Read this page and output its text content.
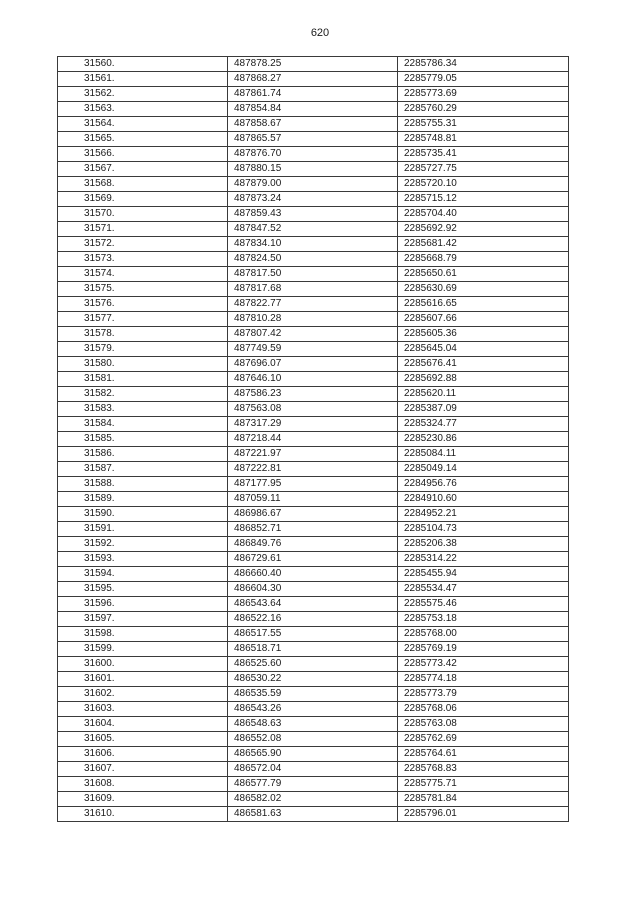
620
31560.	487878.25	2285786.34
31561.	487868.27	2285779.05
31562.	487861.74	2285773.69
31563.	487854.84	2285760.29
31564.	487858.67	2285755.31
31565.	487865.57	2285748.81
31566.	487876.70	2285735.41
31567.	487880.15	2285727.75
31568.	487879.00	2285720.10
31569.	487873.24	2285715.12
31570.	487859.43	2285704.40
31571.	487847.52	2285692.92
31572.	487834.10	2285681.42
31573.	487824.50	2285668.79
31574.	487817.50	2285650.61
31575.	487817.68	2285630.69
31576.	487822.77	2285616.65
31577.	487810.28	2285607.66
31578.	487807.42	2285605.36
31579.	487749.59	2285645.04
31580.	487696.07	2285676.41
31581.	487646.10	2285692.88
31582.	487586.23	2285620.11
31583.	487563.08	2285387.09
31584.	487317.29	2285324.77
31585.	487218.44	2285230.86
31586.	487221.97	2285084.11
31587.	487222.81	2285049.14
31588.	487177.95	2284956.76
31589.	487059.11	2284910.60
31590.	486986.67	2284952.21
31591.	486852.71	2285104.73
31592.	486849.76	2285206.38
31593.	486729.61	2285314.22
31594.	486660.40	2285455.94
31595.	486604.30	2285534.47
31596.	486543.64	2285575.46
31597.	486522.16	2285753.18
31598.	486517.55	2285768.00
31599.	486518.71	2285769.19
31600.	486525.60	2285773.42
31601.	486530.22	2285774.18
31602.	486535.59	2285773.79
31603.	486543.26	2285768.06
31604.	486548.63	2285763.08
31605.	486552.08	2285762.69
31606.	486565.90	2285764.61
31607.	486572.04	2285768.83
31608.	486577.79	2285775.71
31609.	486582.02	2285781.84
31610.	486581.63	2285796.01
